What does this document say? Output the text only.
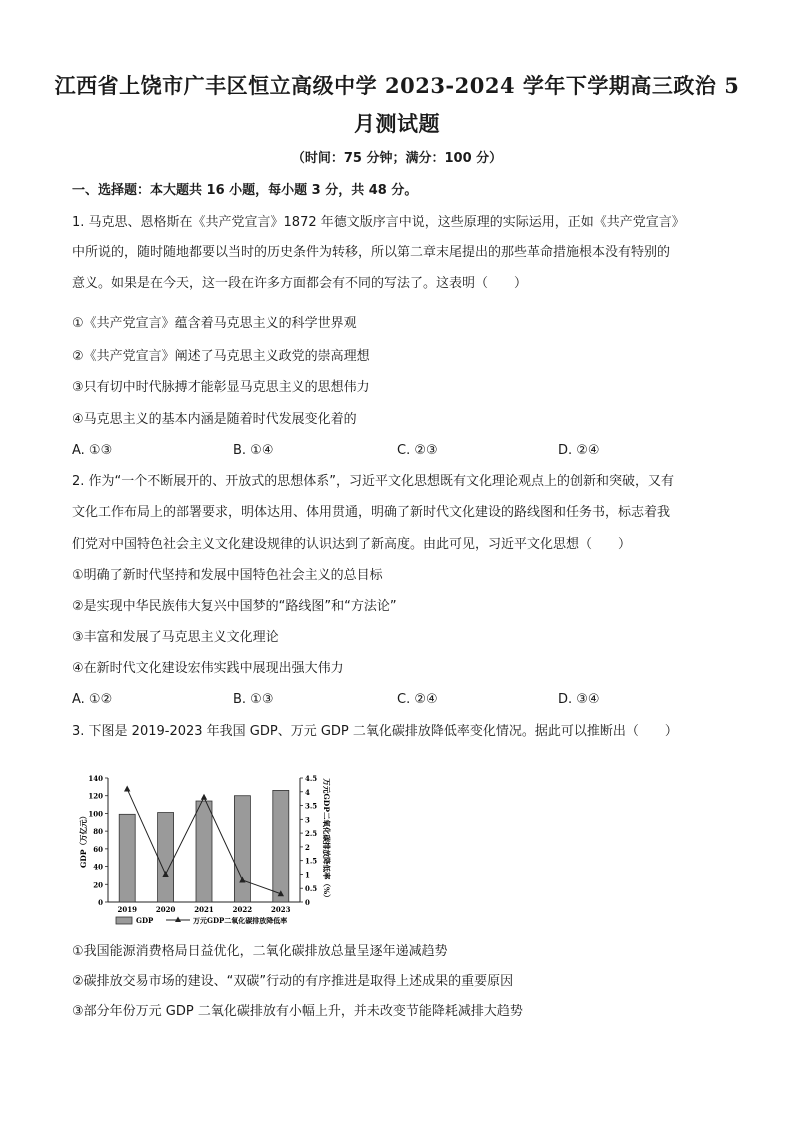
江西省上饶市广丰区恒立高级中学 2023-2024 学年下学期高三政治 5
月测试题
（时间：75 分钟；满分：100 分）
一、选择题：本大题共 16 小题，每小题 3 分，共 48 分。
1. 马克思、恩格斯在《共产党宣言》1872 年德文版序言中说，这些原理的实际运用，正如《共产党宣言》
中所说的，随时随地都要以当时的历史条件为转移，所以第二章末尾提出的那些革命措施根本没有特别的
意义。如果是在今天，这一段在许多方面都会有不同的写法了。这表明（　　）
①《共产党宣言》蕴含着马克思主义的科学世界观
②《共产党宣言》阐述了马克思主义政党的崇高理想
③只有切中时代脉搏才能彰显马克思主义的思想伟力
④马克思主义的基本内涵是随着时代发展变化着的
A. ①③	B. ①④	C. ②③	D. ②④
2. 作为“一个不断展开的、开放式的思想体系”，习近平文化思想既有文化理论观点上的创新和突破，又有
文化工作布局上的部署要求，明体达用、体用贯通，明确了新时代文化建设的路线图和任务书，标志着我
们党对中国特色社会主义文化建设规律的认识达到了新高度。由此可见，习近平文化思想（　　）
①明确了新时代坚持和发展中国特色社会主义的总目标
②是实现中华民族伟大复兴中国梦的“路线图”和“方法论”
③丰富和发展了马克思主义文化理论
④在新时代文化建设宏伟实践中展现出强大伟力
A. ①②	B. ①③	C. ②④	D. ③④
3. 下图是 2019-2023 年我国 GDP、万元 GDP 二氧化碳排放降低率变化情况。据此可以推断出（　　）
0
20
40
60
80
100
120
140
0
0.5
1
1.5
2
2.5
3
3.5
4
4.5
GDP（万亿元）	万元GDP二氧化碳排放降低率（%）
2019	2020	2021	2022	2023
GDP	万元GDP二氧化碳排放降低率
①我国能源消费格局日益优化，二氧化碳排放总量呈逐年递减趋势
②碳排放交易市场的建设、“双碳”行动的有序推进是取得上述成果的重要原因
③部分年份万元 GDP 二氧化碳排放有小幅上升，并未改变节能降耗减排大趋势
